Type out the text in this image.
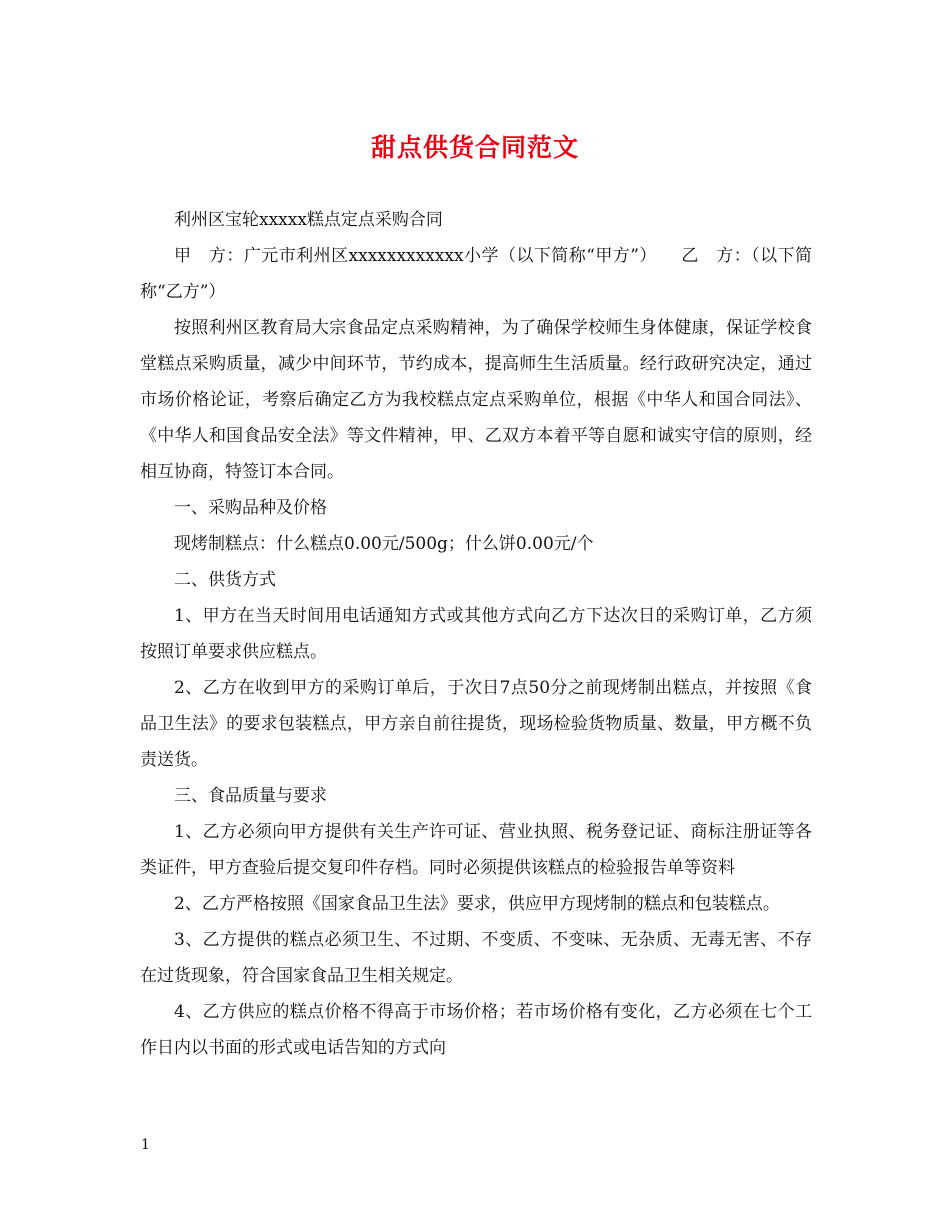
甜点供货合同范文

利州区宝轮xxxxx糕点定点采购合同

甲　方：广元市利州区xxxxxxxxxxxx小学（以下简称“甲方”） 乙　方：（以下简称“乙方”）

按照利州区教育局大宗食品定点采购精神，为了确保学校师生身体健康，保证学校食堂糕点采购质量，减少中间环节，节约成本，提高师生生活质量。经行政研究决定，通过市场价格论证，考察后确定乙方为我校糕点定点采购单位，根据《中华人和国合同法》、《中华人和国食品安全法》等文件精神，甲、乙双方本着平等自愿和诚实守信的原则，经相互协商，特签订本合同。

一、采购品种及价格

现烤制糕点：什么糕点0.00元/500g；什么饼0.00元/个

二、供货方式

1、甲方在当天时间用电话通知方式或其他方式向乙方下达次日的采购订单，乙方须按照订单要求供应糕点。

2、乙方在收到甲方的采购订单后，于次日7点50分之前现烤制出糕点，并按照《食品卫生法》的要求包装糕点，甲方亲自前往提货，现场检验货物质量、数量，甲方概不负责送货。

三、食品质量与要求

1、乙方必须向甲方提供有关生产许可证、营业执照、税务登记证、商标注册证等各类证件，甲方查验后提交复印件存档。同时必须提供该糕点的检验报告单等资料

2、乙方严格按照《国家食品卫生法》要求，供应甲方现烤制的糕点和包装糕点。

3、乙方提供的糕点必须卫生、不过期、不变质、不变味、无杂质、无毒无害、不存在过货现象，符合国家食品卫生相关规定。

4、乙方供应的糕点价格不得高于市场价格；若市场价格有变化，乙方必须在七个工作日内以书面的形式或电话告知的方式向

1
